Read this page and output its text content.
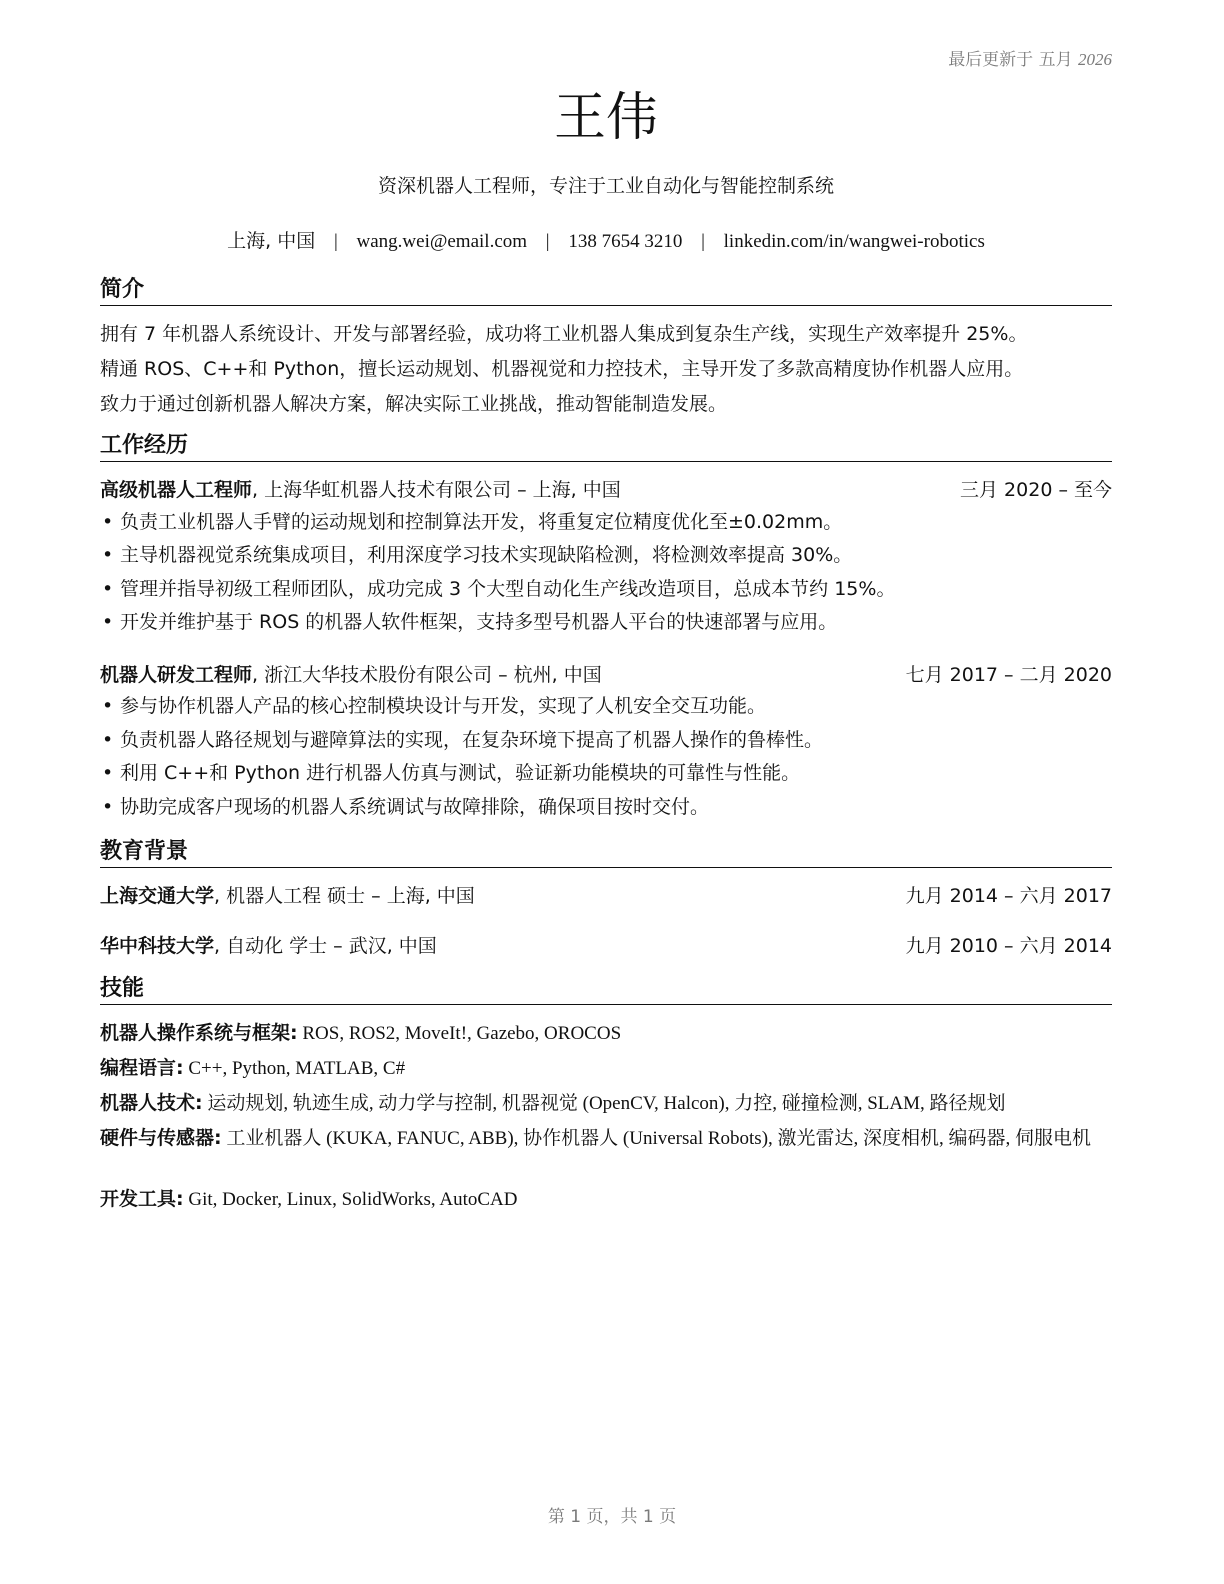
最后更新于 五月 2026
王伟
资深机器人工程师，专注于工业自动化与智能控制系统
上海, 中国 | wang.wei@email.com | 138 7654 3210 | linkedin.com/in/wangwei-robotics
简介
拥有 7 年机器人系统设计、开发与部署经验，成功将工业机器人集成到复杂生产线，实现生产效率提升 25%。
精通 ROS、C++和 Python，擅长运动规划、机器视觉和力控技术，主导开发了多款高精度协作机器人应用。
致力于通过创新机器人解决方案，解决实际工业挑战，推动智能制造发展。
工作经历
高级机器人工程师, 上海华虹机器人技术有限公司 – 上海, 中国	三月 2020 – 至今
• 负责工业机器人手臂的运动规划和控制算法开发，将重复定位精度优化至±0.02mm。
• 主导机器视觉系统集成项目，利用深度学习技术实现缺陷检测，将检测效率提高 30%。
• 管理并指导初级工程师团队，成功完成 3 个大型自动化生产线改造项目，总成本节约 15%。
• 开发并维护基于 ROS 的机器人软件框架，支持多型号机器人平台的快速部署与应用。
机器人研发工程师, 浙江大华技术股份有限公司 – 杭州, 中国	七月 2017 – 二月 2020
• 参与协作机器人产品的核心控制模块设计与开发，实现了人机安全交互功能。
• 负责机器人路径规划与避障算法的实现，在复杂环境下提高了机器人操作的鲁棒性。
• 利用 C++和 Python 进行机器人仿真与测试，验证新功能模块的可靠性与性能。
• 协助完成客户现场的机器人系统调试与故障排除，确保项目按时交付。
教育背景
上海交通大学, 机器人工程 硕士 – 上海, 中国	九月 2014 – 六月 2017
华中科技大学, 自动化 学士 – 武汉, 中国	九月 2010 – 六月 2014
技能
机器人操作系统与框架: ROS, ROS2, MoveIt!, Gazebo, OROCOS
编程语言: C++, Python, MATLAB, C#
机器人技术: 运动规划, 轨迹生成, 动力学与控制, 机器视觉 (OpenCV, Halcon), 力控, 碰撞检测, SLAM, 路径规划
硬件与传感器: 工业机器人 (KUKA, FANUC, ABB), 协作机器人 (Universal Robots), 激光雷达, 深度相机, 编码器, 伺服电机
开发工具: Git, Docker, Linux, SolidWorks, AutoCAD
第 1 页，共 1 页
